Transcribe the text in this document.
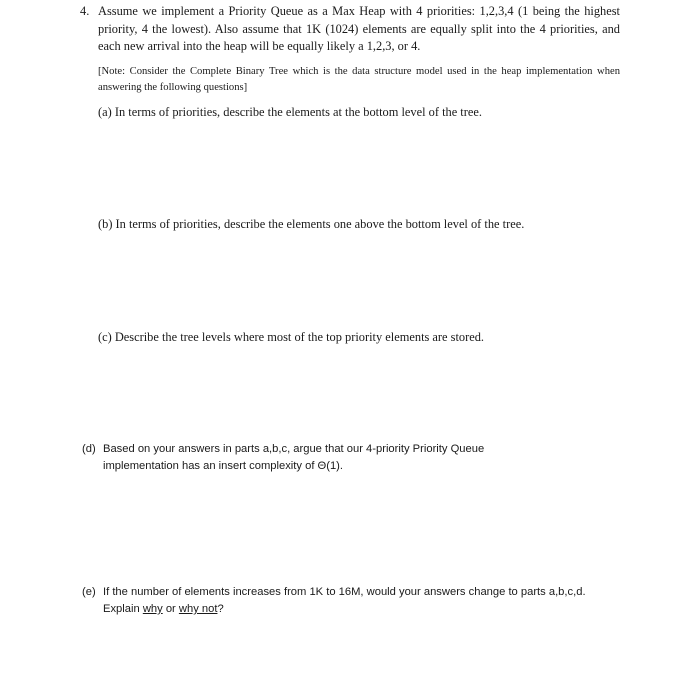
4. Assume we implement a Priority Queue as a Max Heap with 4 priorities: 1,2,3,4 (1 being the highest priority, 4 the lowest). Also assume that 1K (1024) elements are equally split into the 4 priorities, and each new arrival into the heap will be equally likely a 1,2,3, or 4.
[Note: Consider the Complete Binary Tree which is the data structure model used in the heap implementation when answering the following questions]
(a) In terms of priorities, describe the elements at the bottom level of the tree.
(b) In terms of priorities, describe the elements one above the bottom level of the tree.
(c) Describe the tree levels where most of the top priority elements are stored.
(d) Based on your answers in parts a,b,c, argue that our 4-priority Priority Queue
implementation has an insert complexity of Θ(1).
(e) If the number of elements increases from 1K to 16M, would your answers change to parts a,b,c,d.
Explain why or why not?
